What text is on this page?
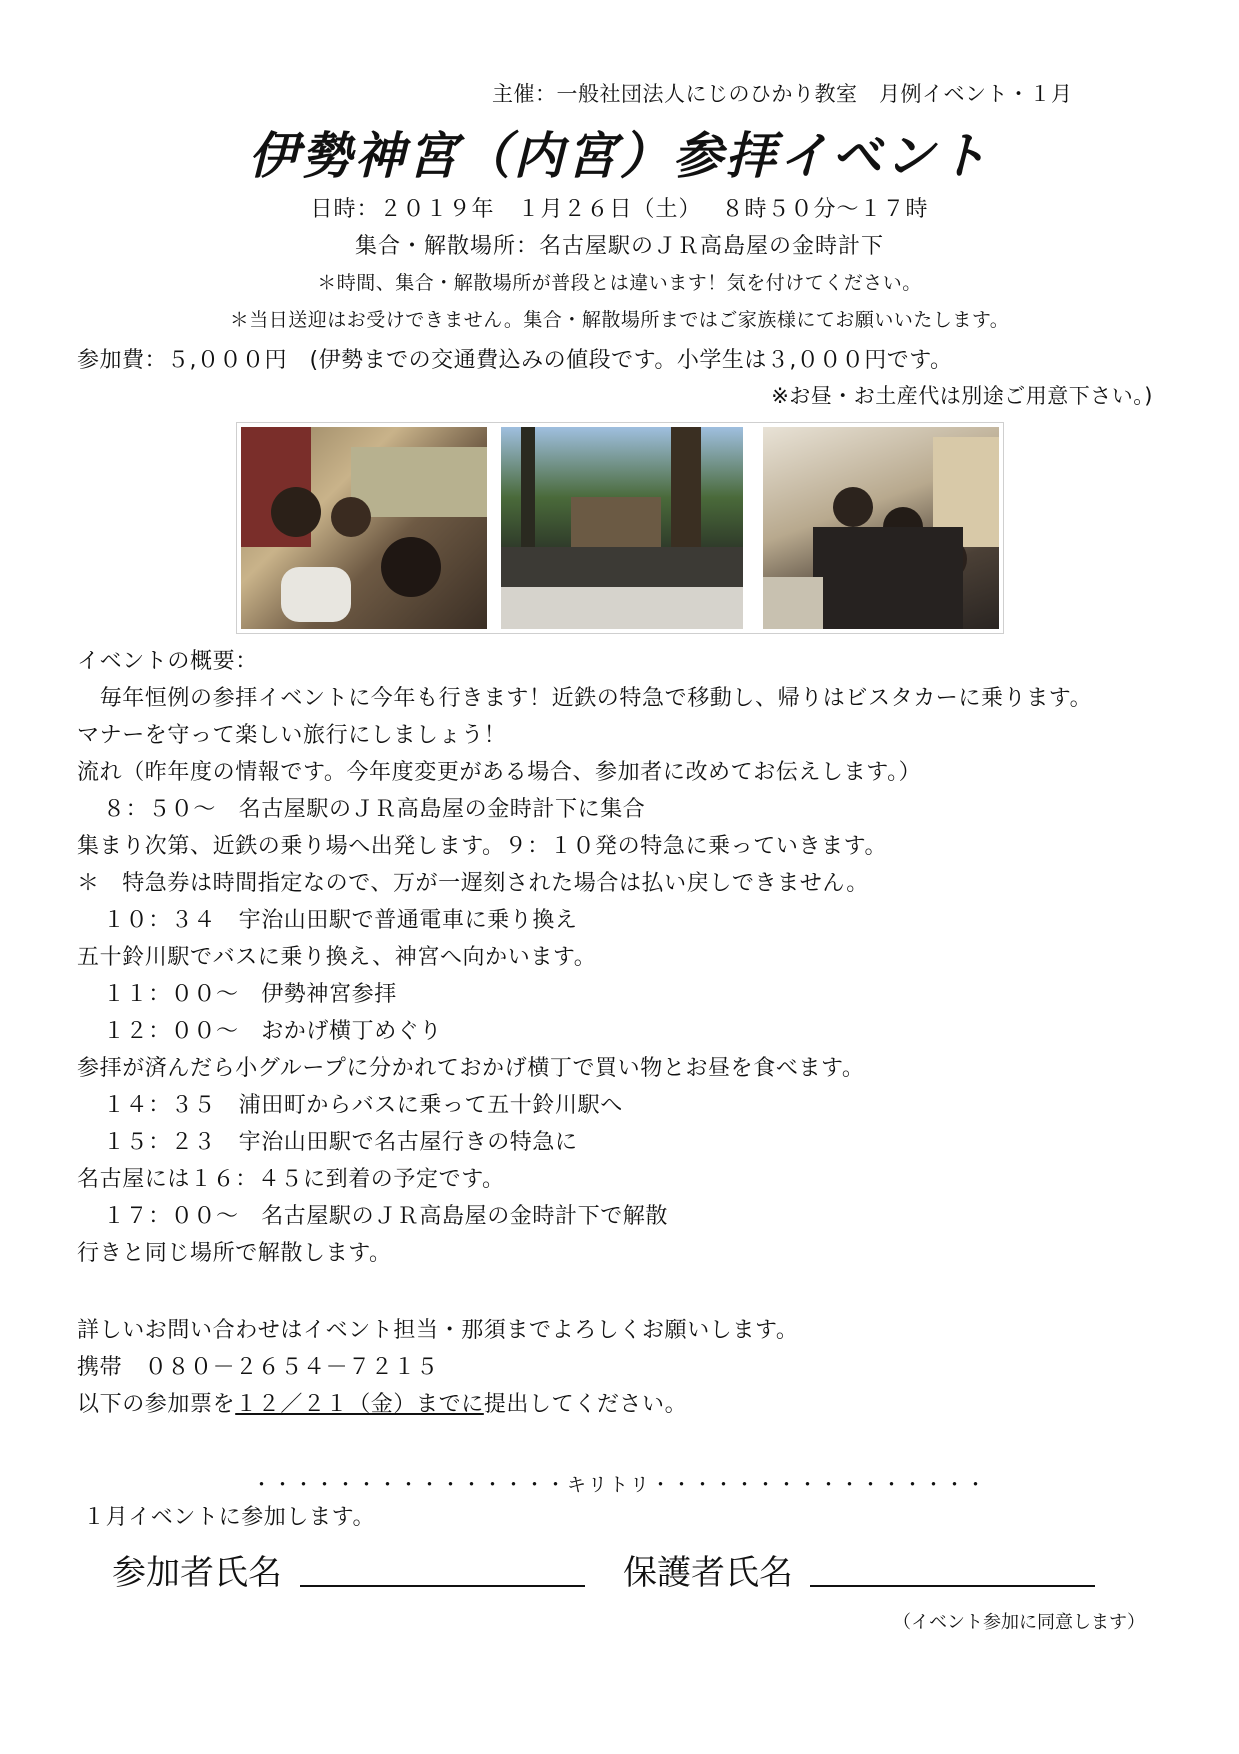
主催：一般社団法人にじのひかり教室　月例イベント・１月
伊勢神宮（内宮）参拝イベント
日時：２０１９年　１月２６日（土）　 ８時５０分～１７時
集合・解散場所：名古屋駅のＪＲ高島屋の金時計下
＊時間、集合・解散場所が普段とは違います！気を付けてください。
＊当日送迎はお受けできません。集合・解散場所まではご家族様にてお願いいたします。
参加費：５,０００円　(伊勢までの交通費込みの値段です。小学生は３,０００円です。
※お昼・お土産代は別途ご用意下さい。)
イベントの概要：
　毎年恒例の参拝イベントに今年も行きます！近鉄の特急で移動し、帰りはビスタカーに乗ります。
マナーを守って楽しい旅行にしましょう！
流れ（昨年度の情報です。今年度変更がある場合、参加者に改めてお伝えします。）
８：５０～　名古屋駅のＪＲ高島屋の金時計下に集合
集まり次第、近鉄の乗り場へ出発します。９：１０発の特急に乗っていきます。
＊　特急券は時間指定なので、万が一遅刻された場合は払い戻しできません。
１０：３４　宇治山田駅で普通電車に乗り換え
五十鈴川駅でバスに乗り換え、神宮へ向かいます。
１１：００～　伊勢神宮参拝
１２：００～　おかげ横丁めぐり
参拝が済んだら小グループに分かれておかげ横丁で買い物とお昼を食べます。
１４：３５　浦田町からバスに乗って五十鈴川駅へ
１５：２３　宇治山田駅で名古屋行きの特急に
名古屋には１６：４５に到着の予定です。
１７：００～　名古屋駅のＪＲ高島屋の金時計下で解散
行きと同じ場所で解散します。
詳しいお問い合わせはイベント担当・那須までよろしくお願いします。
携帯　０８０－２６５４－７２１５
以下の参加票を１２／２１（金）までに提出してください。
・・・・・・・・・・・・・・・キリトリ・・・・・・・・・・・・・・・・
１月イベントに参加します。
参加者氏名	保護者氏名
（イベント参加に同意します）
